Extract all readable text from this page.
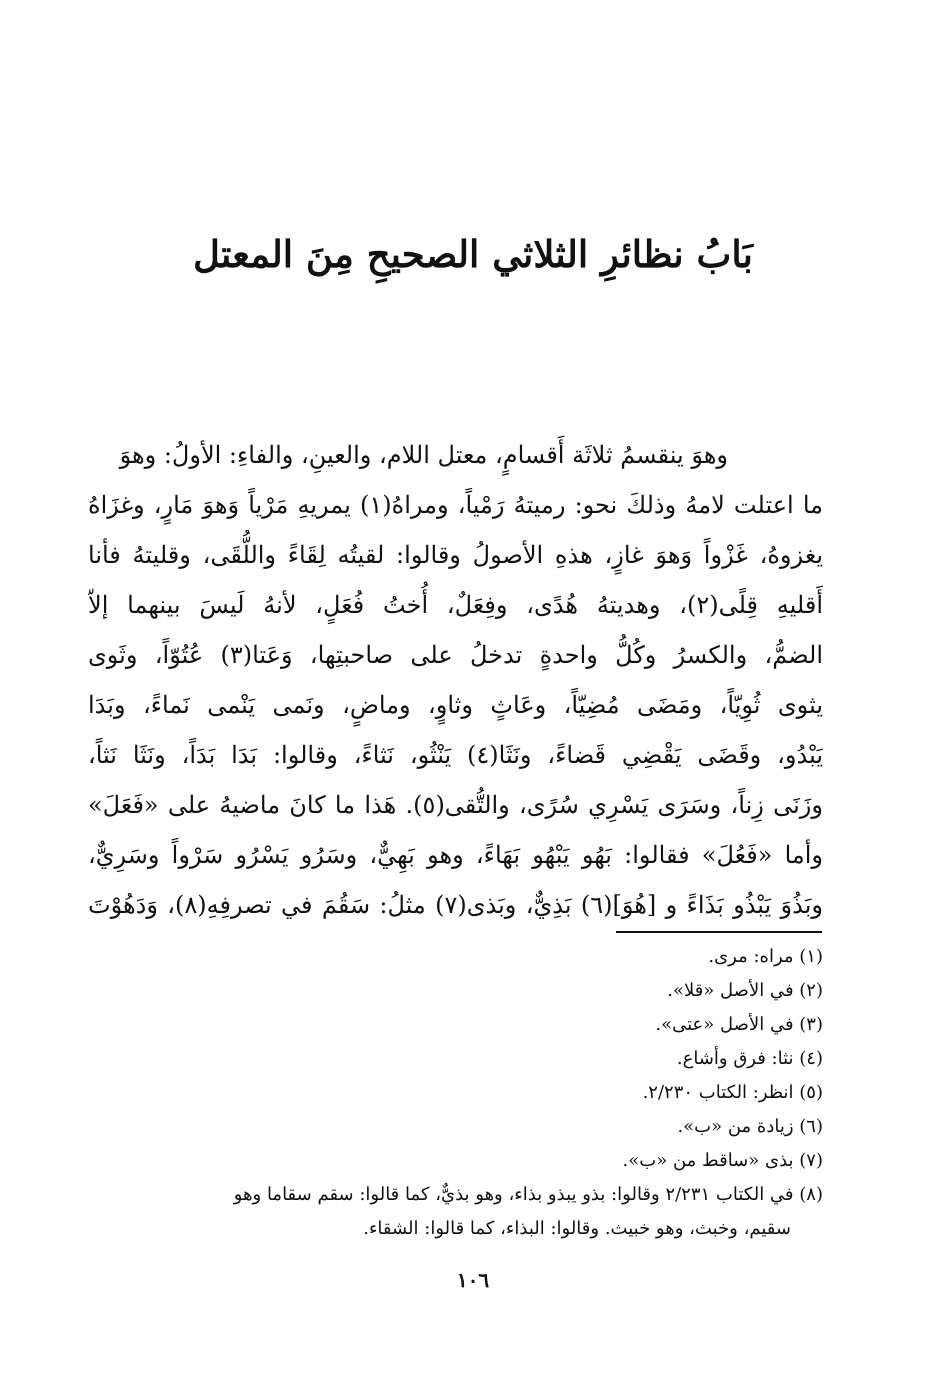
بَابُ نظائرِ الثلاثي الصحيحِ مِنَ المعتل
وهوَ ينقسمُ ثلاثَة أَقسامٍ، معتل اللام، والعينِ، والفاءِ: الأولُ: وهوَ
ما اعتلت لامهُ وذلكَ نحو: رميتهُ رَمْياً، ومراهُ(١) يمريهِ مَرْياً وَهوَ مَارٍ، وغزَاهُ
يغزوهُ، غَزْواً وَهوَ غازٍ، هذهِ الأصولُ وقالوا: لقيتُه لِقَاءً واللُّقَى، وقليتهُ فأنا
أَقليهِ قِلًى(٢)، وهديتهُ هُدًى، وفِعَلٌ، أُختُ فُعَلٍ، لأنهُ لَيسَ بينهما إلاّ
الضمُّ، والكسرُ وكُلُّ واحدةٍ تدخلُ على صاحبتِها، وَعَتا(٣) عُتُوّاً، وثَوى
يثوى ثُوِيّاً، ومَضَى مُضِيّاً، وعَاثٍ وثاوٍ، وماضٍ، ونَمى يَنْمى نَماءً، وبَدَا
يَبْدُو، وقَضَى يَقْضِي قَضاءً، ونَثَا(٤) يَنْثُو، نَثاءً، وقالوا: بَدَا بَدَاً، ونَثَا نَثاً،
وزَنَى زِناً، وسَرَى يَسْرِي سُرًى، والتُّقى(٥). هَذا ما كانَ ماضيهُ على «فَعَلَ»
وأما «فَعُلَ» فقالوا: بَهُو يَبْهُو بَهَاءً، وهو بَهِيٌّ، وسَرُو يَسْرُو سَرْواً وسَرِيٌّ،
وبَذُوَ يَبْذُو بَذَاءً و [هُوَ](٦) بَذِيٌّ، وبَذى(٧) مثلُ: سَقُمَ في تصرفِهِ(٨)، وَدَهُوْتَ
(١) مراه: مرى.
(٢) في الأصل «قلا».
(٣) في الأصل «عتى».
(٤) نثا: فرق وأشاع.
(٥) انظر: الكتاب ٢/٢٣٠.
(٦) زيادة من «ب».
(٧) بذى «ساقط من «ب».
(٨) في الكتاب ٢/٢٣١ وقالوا: بذو يبذو بذاء، وهو بذيٌّ، كما قالوا: سقم سقاما وهو
سقيم، وخبث، وهو خبيث. وقالوا: البذاء، كما قالوا: الشقاء.
١٠٦
